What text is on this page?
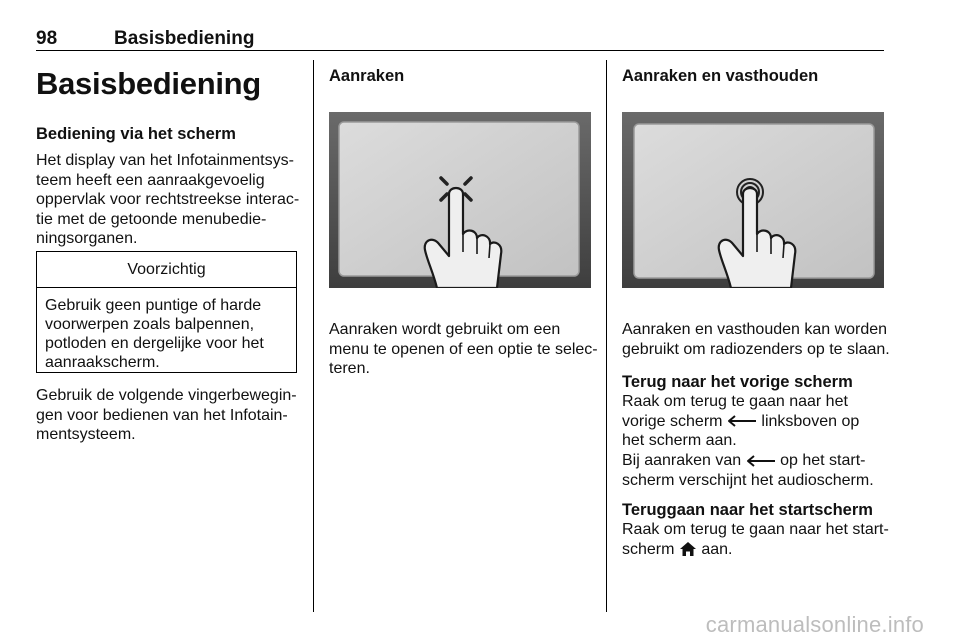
98	Basisbediening
Basisbediening
Bediening via het scherm
Het display van het Infotainmentsys-
teem heeft een aanraakgevoelig
oppervlak voor rechtstreekse interac-
tie met de getoonde menubedie-
ningsorganen.
Voorzichtig
Gebruik geen puntige of harde
voorwerpen zoals balpennen,
potloden en dergelijke voor het
aanraakscherm.
Gebruik de volgende vingerbewegin-
gen voor bedienen van het Infotain-
mentsysteem.
Aanraken
Aanraken wordt gebruikt om een
menu te openen of een optie te selec-
teren.
Aanraken en vasthouden
Aanraken en vasthouden kan worden
gebruikt om radiozenders op te slaan.
Terug naar het vorige scherm
Raak om terug te gaan naar het
vorige scherm linksboven op
het scherm aan.
Bij aanraken van op het start-
scherm verschijnt het audioscherm.
Teruggaan naar het startscherm
Raak om terug te gaan naar het start-
scherm aan.
carmanualsonline.info
